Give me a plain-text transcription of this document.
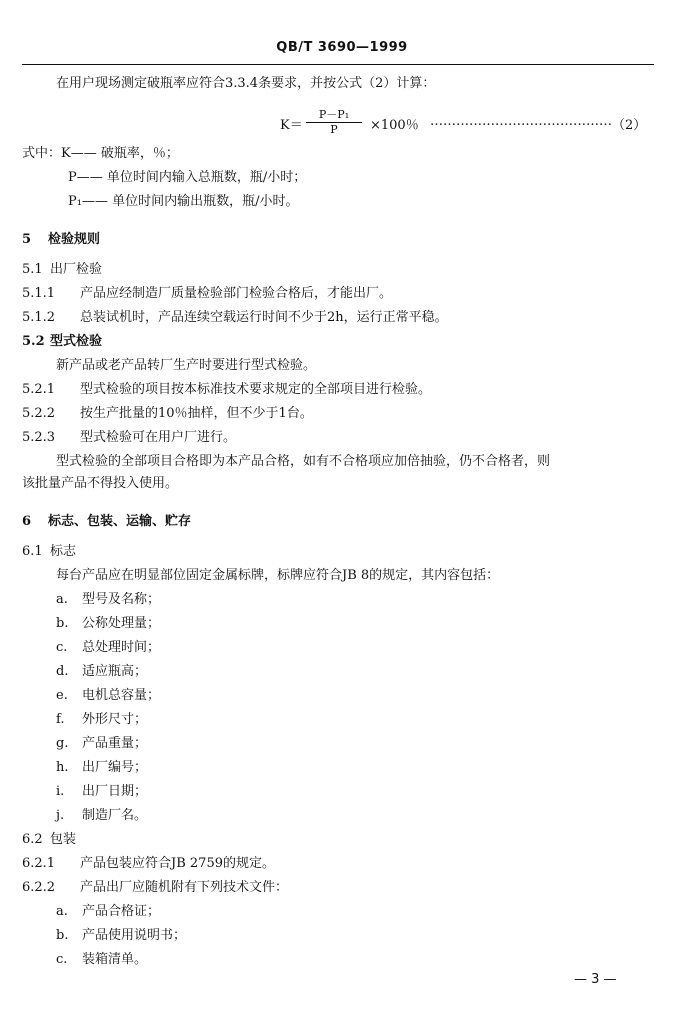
QB/T 3690—1999
在用户现场测定破瓶率应符合3.3.4条要求，并按公式（2）计算：
$K= \frac{\text{P－P₁}}{P} \times 100$％ …………………………………… （2）
式中：K—— 破瓶率，％；
P—— 单位时间内输入总瓶数，瓶/小时；
P₁—— 单位时间内输出瓶数，瓶/小时。
5 检验规则
5.1 出厂检验
5.1.1 产品应经制造厂质量检验部门检验合格后，才能出厂。
5.1.2 总装试机时，产品连续空载运行时间不少于2h，运行正常平稳。
5.2 型式检验
新产品或老产品转厂生产时要进行型式检验。
5.2.1 型式检验的项目按本标准技术要求规定的全部项目进行检验。
5.2.2 按生产批量的10％抽样，但不少于1台。
5.2.3 型式检验可在用户厂进行。
型式检验的全部项目合格即为本产品合格，如有不合格项应加倍抽验，仍不合格者，则
该批量产品不得投入使用。
6 标志、包装、运输、贮存
6.1 标志
每台产品应在明显部位固定金属标牌，标牌应符合JB 8的规定，其内容包括：
a. 型号及名称；
b. 公称处理量；
c. 总处理时间；
d. 适应瓶高；
e. 电机总容量；
f. 外形尺寸；
g. 产品重量；
h. 出厂编号；
i. 出厂日期；
j. 制造厂名。
6.2 包装
6.2.1 产品包装应符合JB 2759的规定。
6.2.2 产品出厂应随机附有下列技术文件：
a. 产品合格证；
b. 产品使用说明书；
c. 装箱清单。
— 3 —
